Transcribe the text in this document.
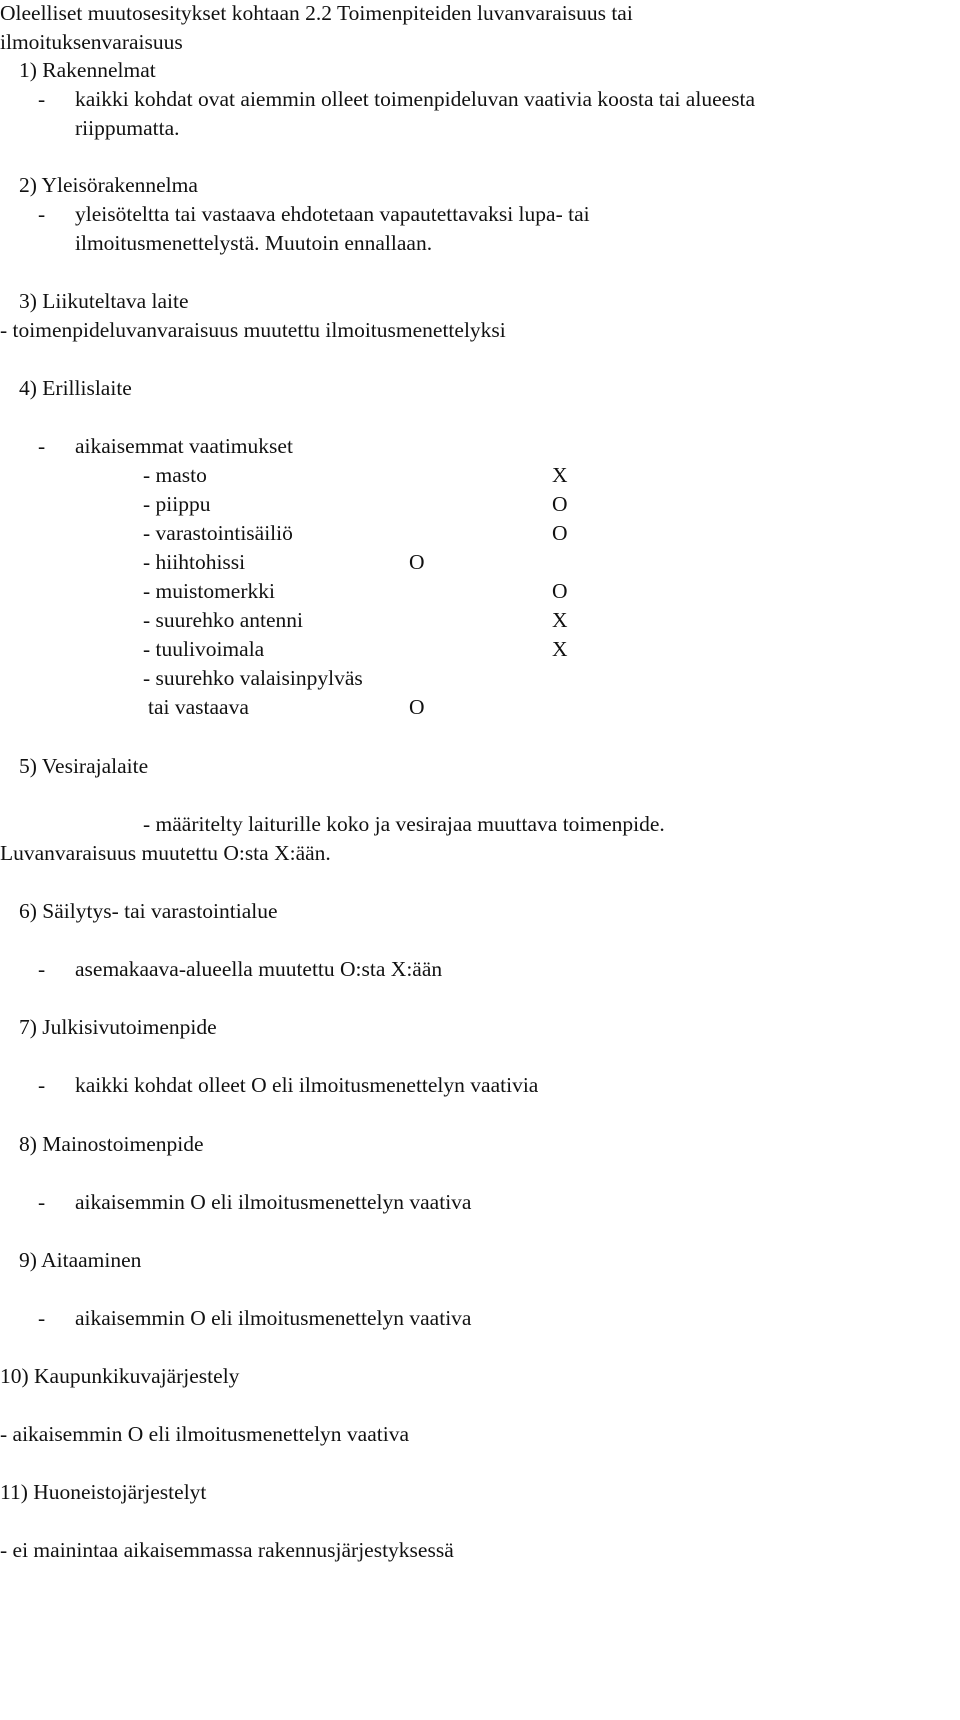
Oleelliset muutosesitykset kohtaan 2.2 Toimenpiteiden luvanvaraisuus tai
ilmoituksenvaraisuus
1) Rakennelmat
- kaikki kohdat ovat aiemmin olleet toimenpideluvan vaativia koosta tai alueesta
riippumatta.
2) Yleisörakennelma
- yleisöteltta tai vastaava ehdotetaan vapautettavaksi lupa- tai
ilmoitusmenettelystä. Muutoin ennallaan.
3) Liikuteltava laite
- toimenpideluvanvaraisuus muutettu ilmoitusmenettelyksi
4) Erillislaite
- aikaisemmat vaatimukset
- masto	X
- piippu	O
- varastointisäiliö	O
- hiihtohissi	O
- muistomerkki	O
- suurehko antenni	X
- tuulivoimala	X
- suurehko valaisinpylväs
tai vastaava	O
5) Vesirajalaite
- määritelty laiturille koko ja vesirajaa muuttava toimenpide.
Luvanvaraisuus muutettu O:sta X:ään.
6) Säilytys- tai varastointialue
- asemakaava-alueella muutettu O:sta X:ään
7) Julkisivutoimenpide
- kaikki kohdat olleet O eli ilmoitusmenettelyn vaativia
8) Mainostoimenpide
- aikaisemmin O eli ilmoitusmenettelyn vaativa
9) Aitaaminen
- aikaisemmin O eli ilmoitusmenettelyn vaativa
10) Kaupunkikuvajärjestely
- aikaisemmin O eli ilmoitusmenettelyn vaativa
11) Huoneistojärjestelyt
- ei mainintaa aikaisemmassa rakennusjärjestyksessä
